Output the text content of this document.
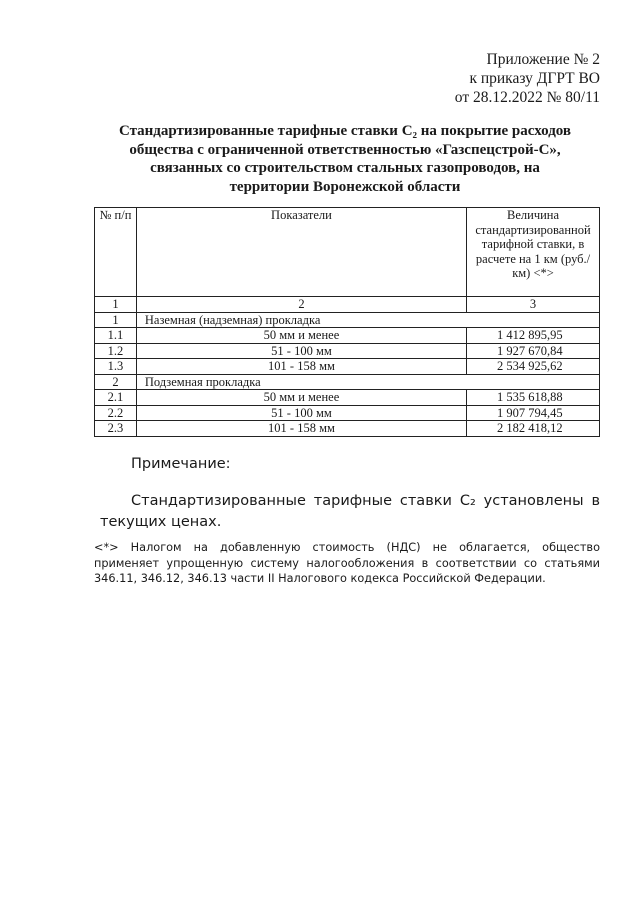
Приложение № 2
к приказу ДГРТ ВО
от 28.12.2022 № 80/11
Стандартизированные тарифные ставки С₂ на покрытие расходов общества с ограниченной ответственностью «Газспецстрой-С», связанных со строительством стальных газопроводов, на территории Воронежской области
№ п/п	Показатели	Величина стандартизированной тарифной ставки, в расчете на 1 км (руб./км) <*>
1	2	3
1	Наземная (надземная) прокладка	
1.1	50 мм и менее	1 412 895,95
1.2	51 - 100 мм	1 927 670,84
1.3	101 - 158 мм	2 534 925,62
2	Подземная прокладка	
2.1	50 мм и менее	1 535 618,88
2.2	51 - 100 мм	1 907 794,45
2.3	101 - 158 мм	2 182 418,12
Примечание:
Стандартизированные тарифные ставки С₂ установлены в текущих ценах.
<*> Налогом на добавленную стоимость (НДС) не облагается, общество применяет упрощенную систему налогообложения в соответствии со статьями 346.11, 346.12, 346.13 части II Налогового кодекса Российской Федерации.
